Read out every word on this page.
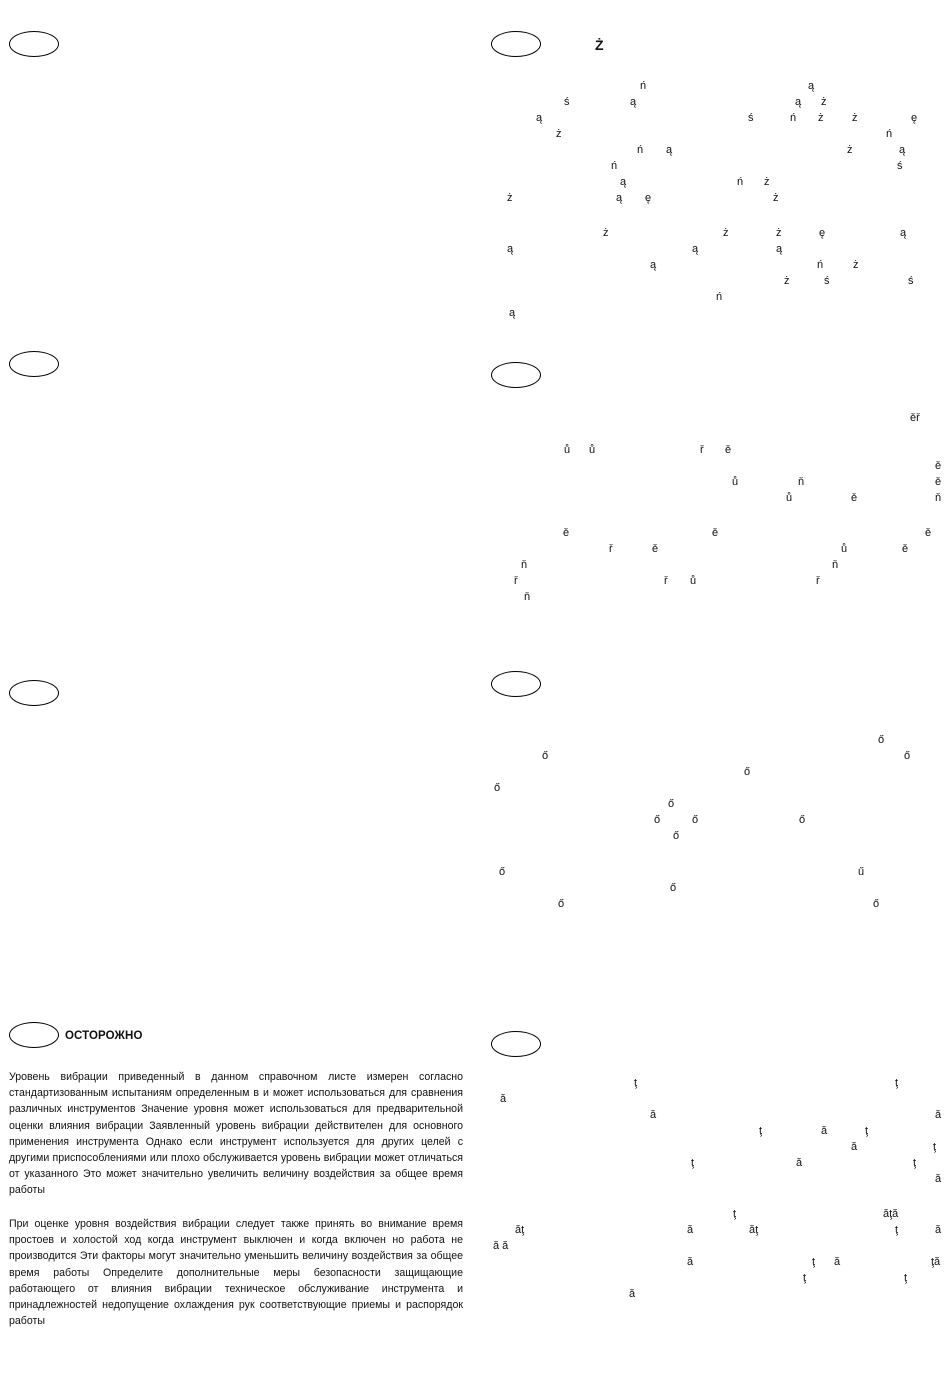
ОСТОРОЖНО

Уровень вибрации приведенный в данном справочном листе измерен согласно стандартизованным испытаниям определенным в и может использоваться для сравнения различных инструментов Значение уровня может использоваться для предварительной оценки влияния вибрации Заявленный уровень вибрации действителен для основного применения инструмента Однако если инструмент используется для других целей с другими приспособлениями или плохо обслуживается уровень вибрации может отличаться от указанного Это может значительно увеличить величину воздействия за общее время работы

При оценке уровня воздействия вибрации следует также принять во внимание время простоев и холостой ход когда инструмент выключен и когда включен но работа не производится Эти факторы могут значительно уменьшить величину воздействия за общее время работы Определите дополнительные меры безопасности защищающие работающего от влияния вибрации техническое обслуживание инструмента и принадлежностей недопущение охлаждения рук соответствующие приемы и распорядок работы

Ż
ń	ą
ś	ą	ą ż
ą	ś	ń ż	ż	ę
ż	ń
ń ą	ż	ą
ń	ś
ą	ń ż
ż	ą ę	ż
ż	ż	ż	ę	ą
ą	ą	ą
ą	ń	ż
ż	ś	ś
ń
ą
ěř
ů ů	ř ě
ě
ů	ň	ě
ů	ě	ň
ě	ě	ě
ř	ě	ů	ě
ň	ň
ř	ř ů	ř
ň
ő
ő	ő
ő
ő
ő
ő	ő	ő
ő
ő	ű
ő
ő	ő
ţ	ţ
ă
ă	ă
ţ	ă	ţ
ă	ţ
ţ	ă	ţ
ă
ţ	ăţă
ăţ	ă	ăţ	ţ	ă
ă ă
ă	ţ ă	ţă
ţ	ţ
ă
